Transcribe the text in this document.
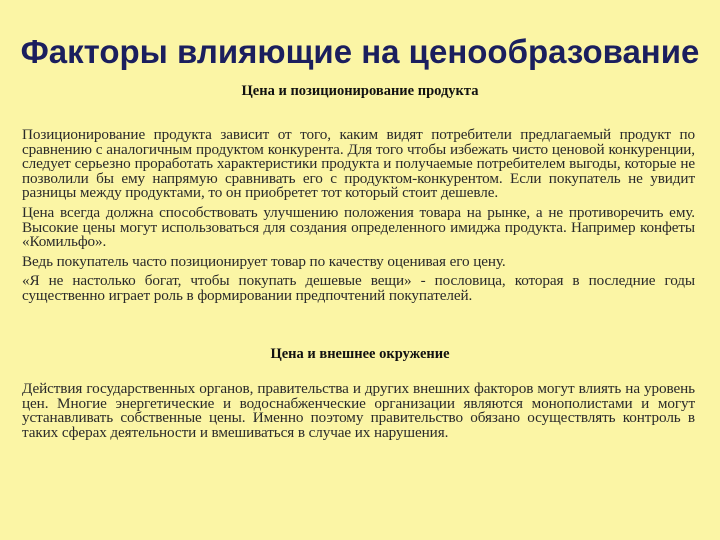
Факторы влияющие на ценообразование
Цена и позиционирование продукта

Позиционирование продукта зависит от того, каким видят потребители предлагаемый продукт по сравнению с аналогичным продуктом конкурента. Для того чтобы избежать чисто ценовой конкуренции, следует серьезно проработать характеристики продукта и получаемые потребителем выгоды, которые не позволили бы ему напрямую сравнивать его с продуктом-конкурентом. Если покупатель не увидит разницы между продуктами, то он приобретет тот который стоит дешевле.

Цена всегда должна способствовать улучшению положения товара на рынке, а не противоречить ему. Высокие цены могут использоваться для создания определенного имиджа продукта. Например конфеты «Комильфо».

Ведь покупатель часто позиционирует товар по качеству оценивая его цену.

«Я не настолько богат, чтобы покупать дешевые вещи» - пословица, которая в последние годы существенно играет роль в формировании предпочтений покупателей.

Цена и внешнее окружение

Действия государственных органов, правительства и других внешних факторов могут влиять на уровень цен. Многие энергетические и водоснабженческие организации являются монополистами и могут устанавливать собственные цены. Именно поэтому правительство обязано осуществлять контроль в таких сферах деятельности и вмешиваться в случае их нарушения.
